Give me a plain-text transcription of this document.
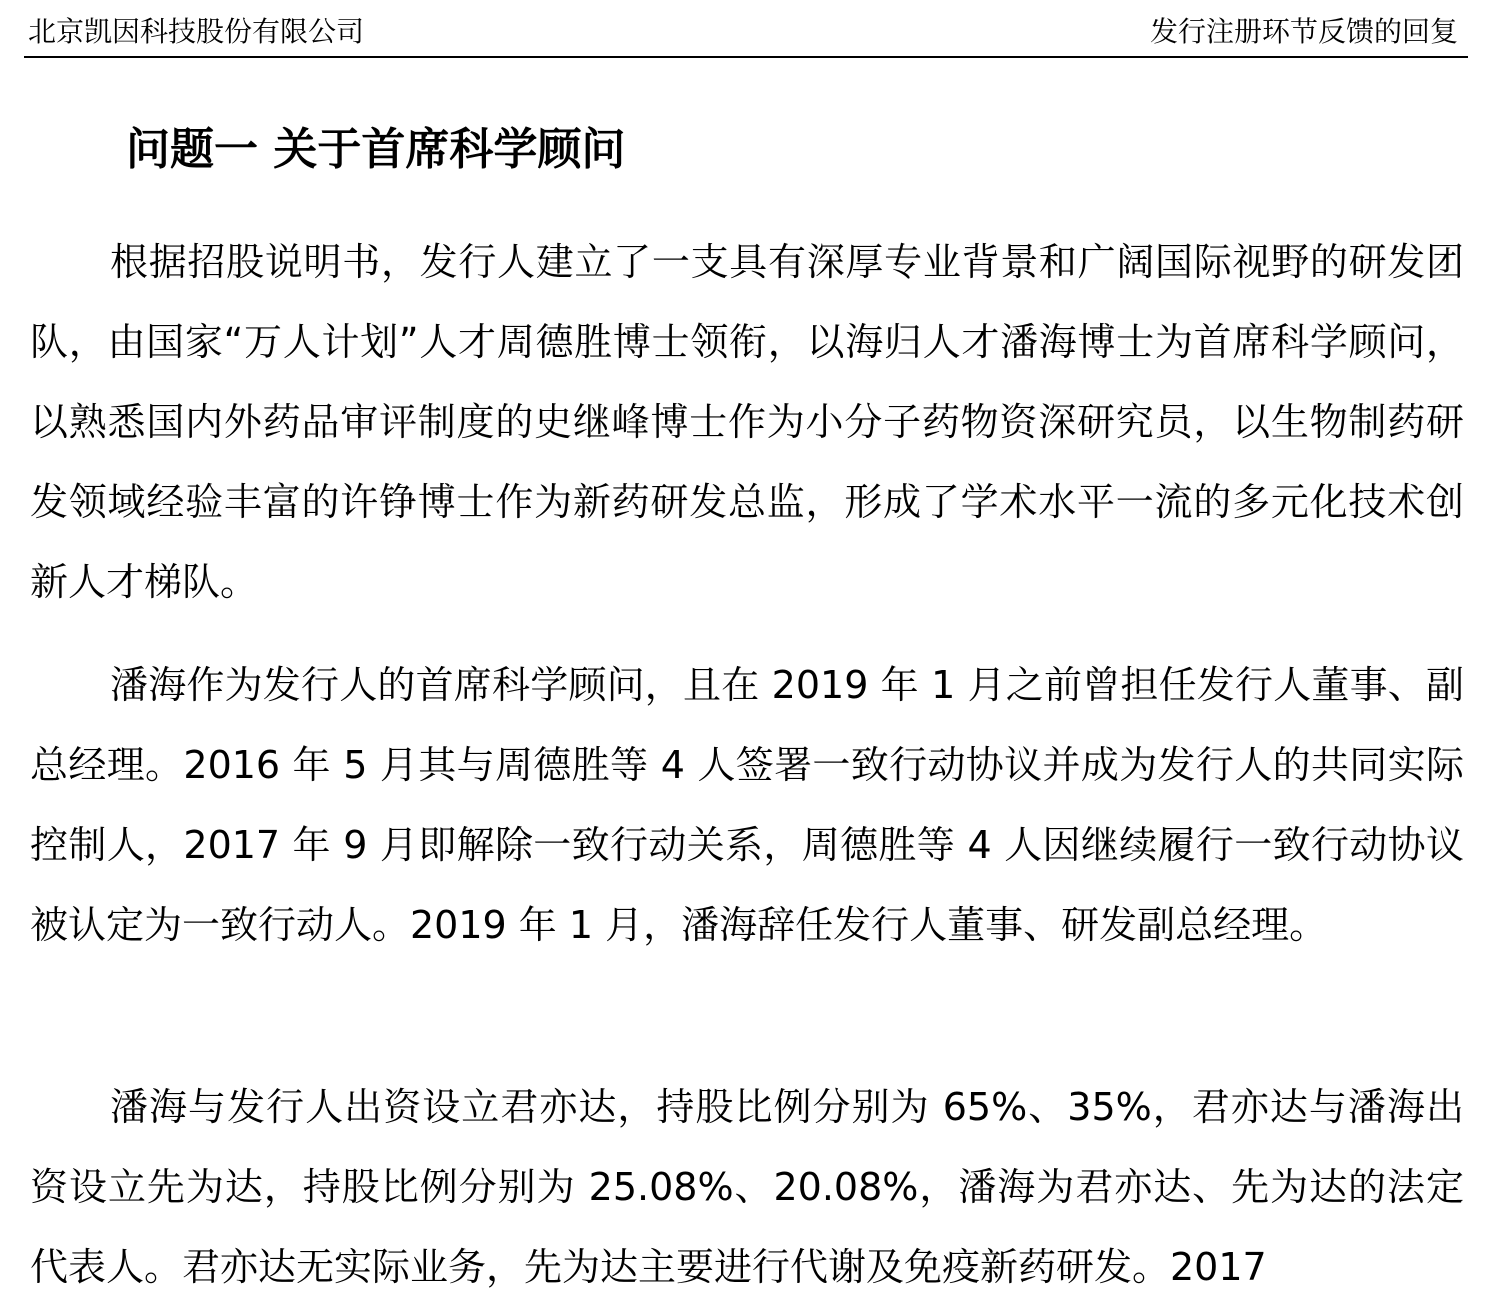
北京凯因科技股份有限公司	发行注册环节反馈的回复
问题一 关于首席科学顾问

根据招股说明书，发行人建立了一支具有深厚专业背景和广阔国际视野的研发团队，由国家“万人计划”人才周德胜博士领衔，以海归人才潘海博士为首席科学顾问，以熟悉国内外药品审评制度的史继峰博士作为小分子药物资深研究员，以生物制药研发领域经验丰富的许铮博士作为新药研发总监，形成了学术水平一流的多元化技术创新人才梯队。

潘海作为发行人的首席科学顾问，且在 2019 年 1 月之前曾担任发行人董事、副总经理。2016 年 5 月其与周德胜等 4 人签署一致行动协议并成为发行人的共同实际控制人，2017 年 9 月即解除一致行动关系，周德胜等 4 人因继续履行一致行动协议被认定为一致行动人。2019 年 1 月，潘海辞任发行人董事、研发副总经理。

潘海与发行人出资设立君亦达，持股比例分别为 65%、35%，君亦达与潘海出资设立先为达，持股比例分别为 25.08%、20.08%，潘海为君亦达、先为达的法定代表人。君亦达无实际业务，先为达主要进行代谢及免疫新药研发。2017
